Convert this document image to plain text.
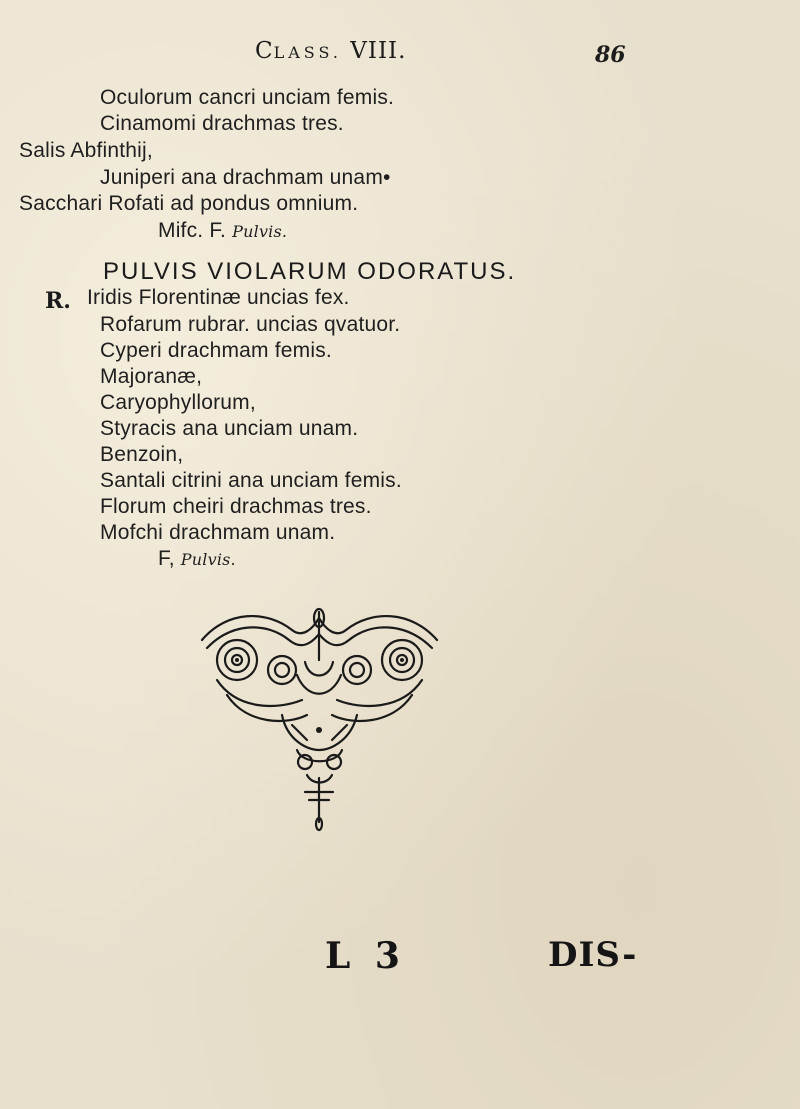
CLASS. VIII.	86
Oculorum cancri unciam femis.
Cinamomi drachmas tres.
Salis Abfinthij,
Juniperi ana drachmam unam•
Sacchari Rofati ad pondus omnium.
Mifc. F. Pulvis.
PULVIS VIOLARUM ODORATUS.
R. Iridis Florentinæ uncias fex.
Rofarum rubrar. uncias qvatuor.
Cyperi drachmam femis.
Majoranæ,
Caryophyllorum,
Styracis ana unciam unam.
Benzoin,
Santali citrini ana unciam femis.
Florum cheiri drachmas tres.
Mofchi drachmam unam.
F, Pulvis.
L 3	DIS-
